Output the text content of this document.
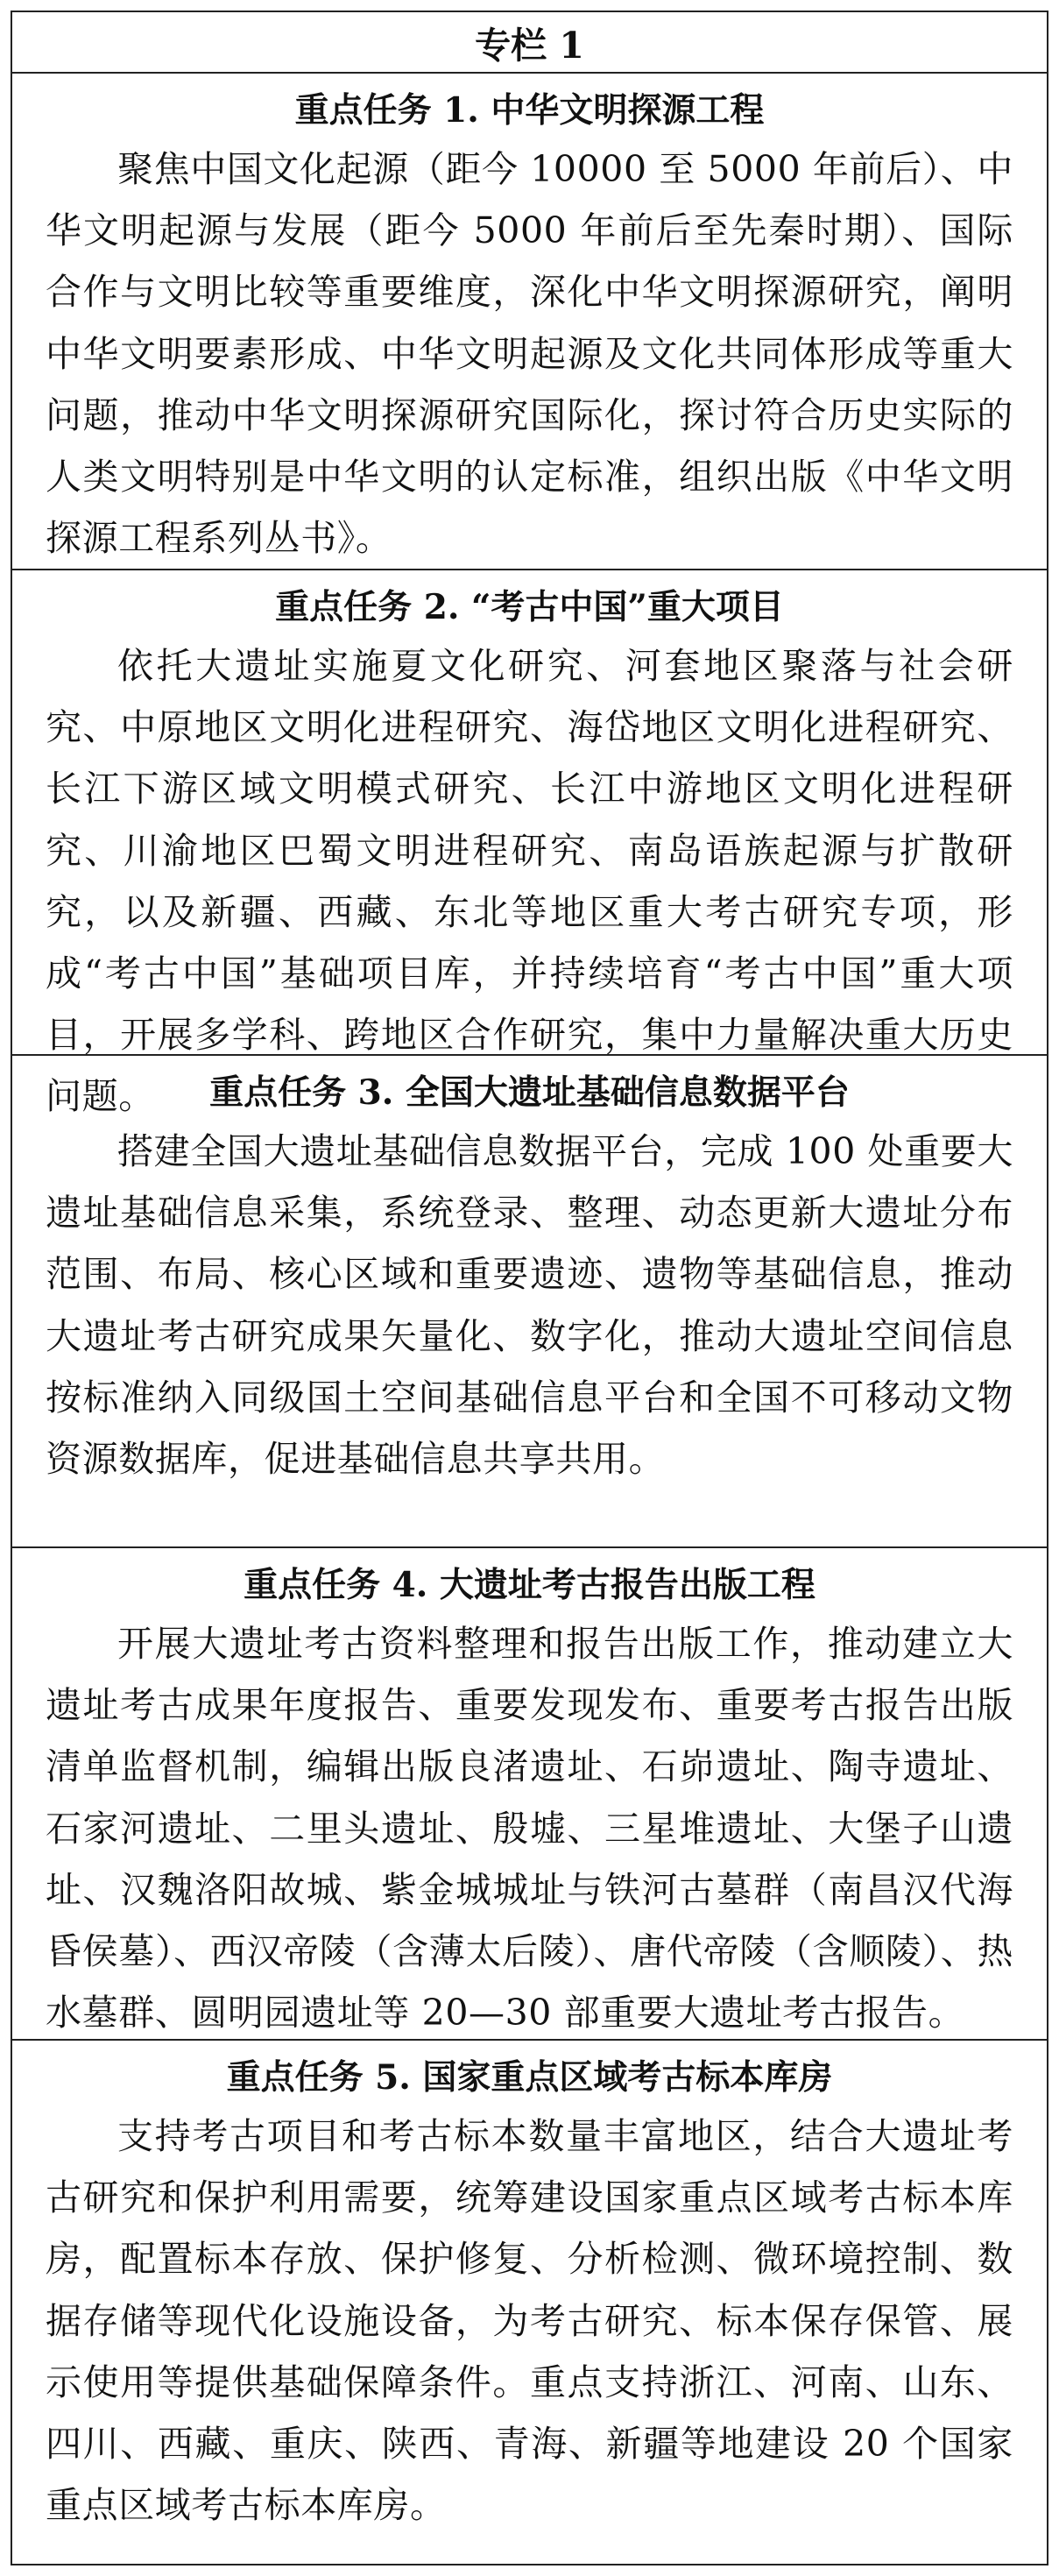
专栏 1
重点任务 1. 中华文明探源工程
聚焦中国文化起源（距今 10000 至 5000 年前后）、中华文明起源与发展（距今 5000 年前后至先秦时期）、国际合作与文明比较等重要维度，深化中华文明探源研究，阐明中华文明要素形成、中华文明起源及文化共同体形成等重大问题，推动中华文明探源研究国际化，探讨符合历史实际的人类文明特别是中华文明的认定标准，组织出版《中华文明探源工程系列丛书》。
重点任务 2. “考古中国”重大项目
依托大遗址实施夏文化研究、河套地区聚落与社会研究、中原地区文明化进程研究、海岱地区文明化进程研究、长江下游区域文明模式研究、长江中游地区文明化进程研究、川渝地区巴蜀文明进程研究、南岛语族起源与扩散研究，以及新疆、西藏、东北等地区重大考古研究专项，形成“考古中国”基础项目库，并持续培育“考古中国”重大项目，开展多学科、跨地区合作研究，集中力量解决重大历史问题。	重点任务 3. 全国大遗址基础信息数据平台
搭建全国大遗址基础信息数据平台，完成 100 处重要大遗址基础信息采集，系统登录、整理、动态更新大遗址分布范围、布局、核心区域和重要遗迹、遗物等基础信息，推动大遗址考古研究成果矢量化、数字化，推动大遗址空间信息按标准纳入同级国土空间基础信息平台和全国不可移动文物资源数据库，促进基础信息共享共用。
重点任务 4. 大遗址考古报告出版工程
开展大遗址考古资料整理和报告出版工作，推动建立大遗址考古成果年度报告、重要发现发布、重要考古报告出版清单监督机制，编辑出版良渚遗址、石峁遗址、陶寺遗址、石家河遗址、二里头遗址、殷墟、三星堆遗址、大堡子山遗址、汉魏洛阳故城、紫金城城址与铁河古墓群（南昌汉代海昏侯墓）、西汉帝陵（含薄太后陵）、唐代帝陵（含顺陵）、热水墓群、圆明园遗址等 20—30 部重要大遗址考古报告。
重点任务 5. 国家重点区域考古标本库房
支持考古项目和考古标本数量丰富地区，结合大遗址考古研究和保护利用需要，统筹建设国家重点区域考古标本库房，配置标本存放、保护修复、分析检测、微环境控制、数据存储等现代化设施设备，为考古研究、标本保存保管、展示使用等提供基础保障条件。重点支持浙江、河南、山东、四川、西藏、重庆、陕西、青海、新疆等地建设 20 个国家重点区域考古标本库房。
